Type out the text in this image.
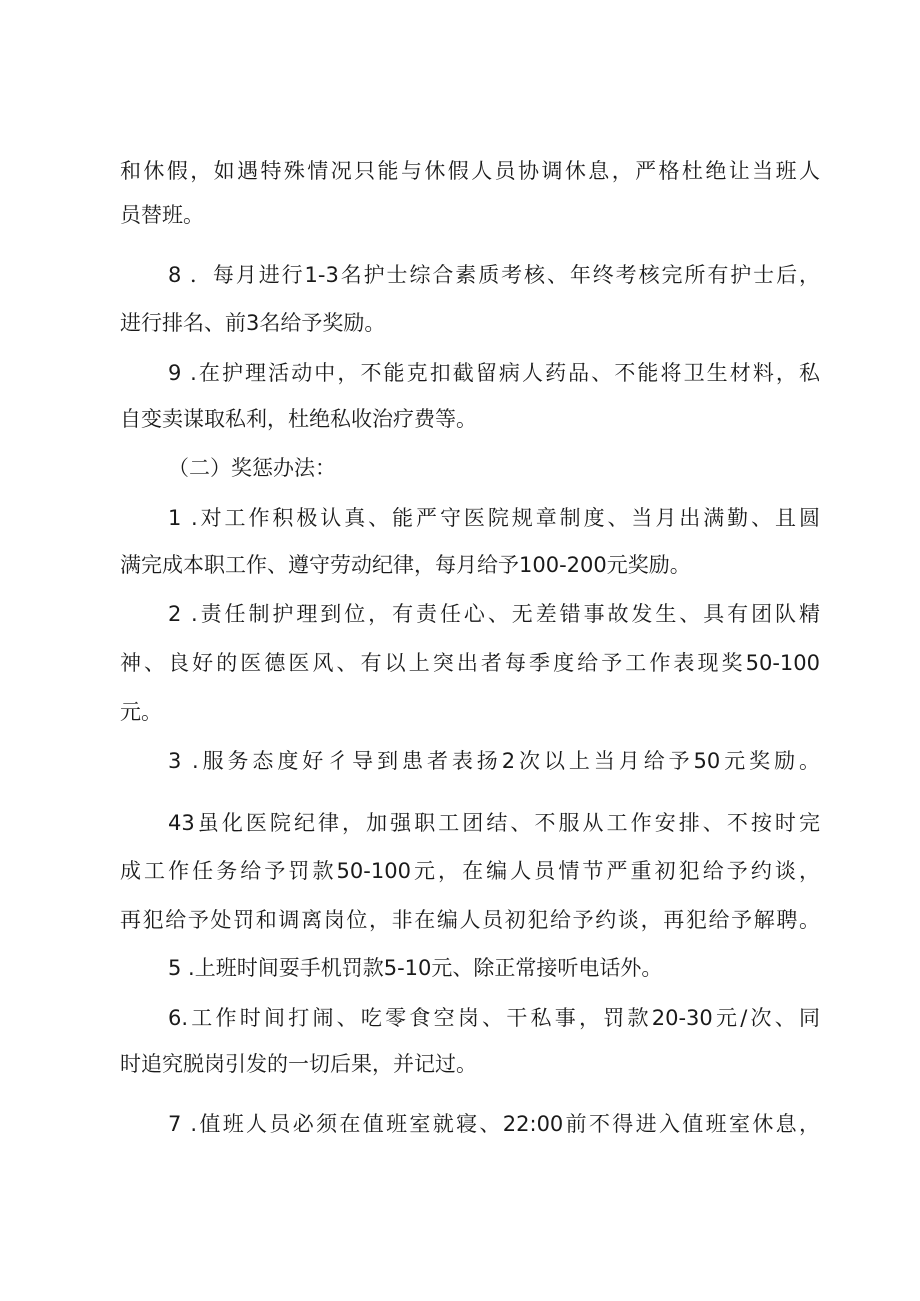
和休假，如遇特殊情况只能与休假人员协调休息，严格杜绝让当班人
员替班。
8 ．每月进行1-3名护士综合素质考核、年终考核完所有护士后，
进行排名、前3名给予奖励。
9 .在护理活动中，不能克扣截留病人药品、不能将卫生材料，私
自变卖谋取私利，杜绝私收治疗费等。
（二）奖惩办法：
1 .对工作积极认真、能严守医院规章制度、当月出满勤、且圆
满完成本职工作、遵守劳动纪律，每月给予100-200元奖励。
2 .责任制护理到位，有责任心、无差错事故发生、具有团队精
神、良好的医德医风、有以上突出者每季度给予工作表现奖50-100
元。
3 .服务态度好彳导到患者表扬2次以上当月给予50元奖励。
43虽化医院纪律，加强职工团结、不服从工作安排、不按时完
成工作任务给予罚款50-100元，在编人员情节严重初犯给予约谈，
再犯给予处罚和调离岗位，非在编人员初犯给予约谈，再犯给予解聘。
5 .上班时间耍手机罚款5-10元、除正常接听电话外。
6.工作时间打闹、吃零食空岗、干私事，罚款20-30元/次、同
时追究脱岗引发的一切后果，并记过。
7 .值班人员必须在值班室就寝、22:00前不得进入值班室休息，
